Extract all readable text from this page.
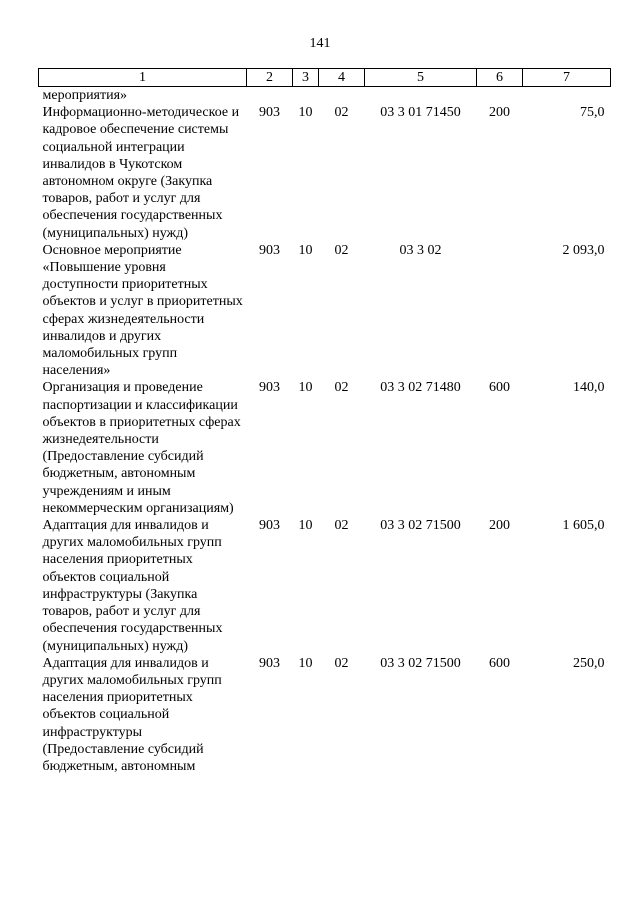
141
1	2	3	4	5	6	7
мероприятия»						
Информационно-методическое и кадровое обеспечение системы социальной интеграции инвалидов в Чукотском автономном округе (Закупка товаров, работ и услуг для обеспечения государственных (муниципальных) нужд)	903	10	02	03 3 01 71450	200	75,0
Основное мероприятие «Повышение уровня доступности приоритетных объектов и услуг в приоритетных сферах жизнедеятельности инвалидов и других маломобильных групп населения»	903	10	02	03 3 02		2 093,0
Организация и проведение паспортизации и классификации объектов в приоритетных сферах жизнедеятельности (Предоставление субсидий бюджетным, автономным учреждениям и иным некоммерческим организациям)	903	10	02	03 3 02 71480	600	140,0
Адаптация для инвалидов и других маломобильных групп населения приоритетных объектов социальной инфраструктуры (Закупка товаров, работ и услуг для обеспечения государственных (муниципальных) нужд)	903	10	02	03 3 02 71500	200	1 605,0
Адаптация для инвалидов и других маломобильных групп населения приоритетных объектов социальной инфраструктуры (Предоставление субсидий бюджетным, автономным	903	10	02	03 3 02 71500	600	250,0
